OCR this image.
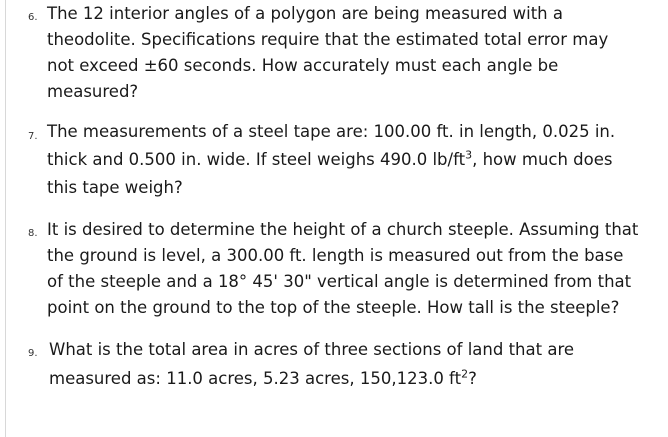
6. The 12 interior angles of a polygon are being measured with a
theodolite. Specifications require that the estimated total error may
not exceed ±60 seconds. How accurately must each angle be
measured?
7. The measurements of a steel tape are: 100.00 ft. in length, 0.025 in.
thick and 0.500 in. wide. If steel weighs 490.0 $lb/ft^3$, how much does
this tape weigh?
8. It is desired to determine the height of a church steeple. Assuming that
the ground is level, a 300.00 ft. length is measured out from the base
of the steeple and a 18° 45' 30" vertical angle is determined from that
point on the ground to the top of the steeple. How tall is the steeple?
9. What is the total area in acres of three sections of land that are
measured as: 11.0 acres, 5.23 acres, 150,123.0 $ft^2$?
